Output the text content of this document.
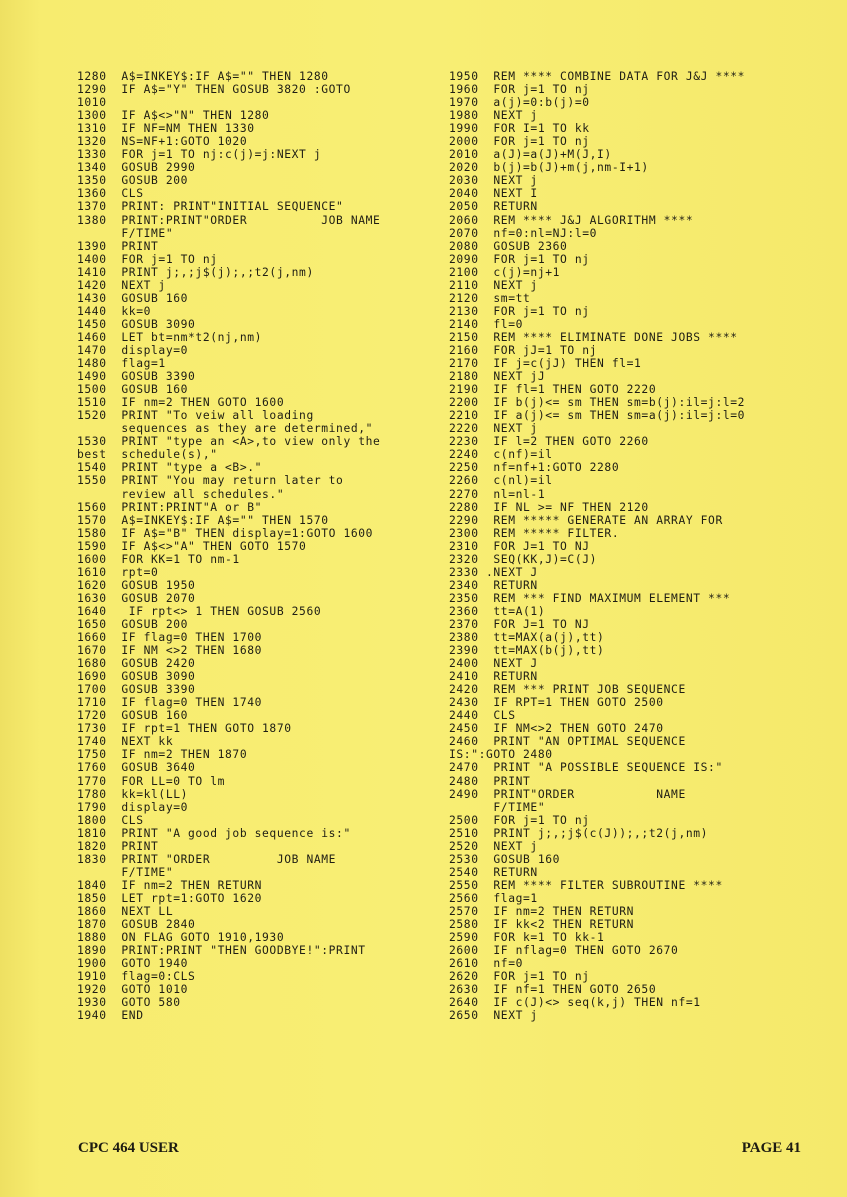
1280  A$=INKEY$:IF A$="" THEN 1280
1290  IF A$="Y" THEN GOSUB 3820 :GOTO
1010
1300  IF A$<>"N" THEN 1280
1310  IF NF=NM THEN 1330
1320  NS=NF+1:GOTO 1020
1330  FOR j=1 TO nj:c(j)=j:NEXT j
1340  GOSUB 2990
1350  GOSUB 200
1360  CLS
1370  PRINT: PRINT"INITIAL SEQUENCE"
1380  PRINT:PRINT"ORDER          JOB NAME
F/TIME"
1390  PRINT
1400  FOR j=1 TO nj
1410  PRINT j;,;j$(j);,;t2(j,nm)
1420  NEXT j
1430  GOSUB 160
1440  kk=0
1450  GOSUB 3090
1460  LET bt=nm*t2(nj,nm)
1470  display=0
1480  flag=1
1490  GOSUB 3390
1500  GOSUB 160
1510  IF nm=2 THEN GOTO 1600
1520  PRINT "To veiw all loading
sequences as they are determined,"
1530  PRINT "type an <A>,to view only the
best  schedule(s),"
1540  PRINT "type a <B>."
1550  PRINT "You may return later to
review all schedules."
1560  PRINT:PRINT"A or B"
1570  A$=INKEY$:IF A$="" THEN 1570
1580  IF A$="B" THEN display=1:GOTO 1600
1590  IF A$<>"A" THEN GOTO 1570
1600  FOR KK=1 TO nm-1
1610  rpt=0
1620  GOSUB 1950
1630  GOSUB 2070
1640   IF rpt<> 1 THEN GOSUB 2560
1650  GOSUB 200
1660  IF flag=0 THEN 1700
1670  IF NM <>2 THEN 1680
1680  GOSUB 2420
1690  GOSUB 3090
1700  GOSUB 3390
1710  IF flag=0 THEN 1740
1720  GOSUB 160
1730  IF rpt=1 THEN GOTO 1870
1740  NEXT kk
1750  IF nm=2 THEN 1870
1760  GOSUB 3640
1770  FOR LL=0 TO lm
1780  kk=kl(LL)
1790  display=0
1800  CLS
1810  PRINT "A good job sequence is:"
1820  PRINT
1830  PRINT "ORDER         JOB NAME
F/TIME"
1840  IF nm=2 THEN RETURN
1850  LET rpt=1:GOTO 1620
1860  NEXT LL
1870  GOSUB 2840
1880  ON FLAG GOTO 1910,1930
1890  PRINT:PRINT "THEN GOODBYE!":PRINT
1900  GOTO 1940
1910  flag=0:CLS
1920  GOTO 1010
1930  GOTO 580
1940  END
1950  REM **** COMBINE DATA FOR J&J ****
1960  FOR j=1 TO nj
1970  a(j)=0:b(j)=0
1980  NEXT j
1990  FOR I=1 TO kk
2000  FOR j=1 TO nj
2010  a(J)=a(J)+M(J,I)
2020  b(j)=b(J)+m(j,nm-I+1)
2030  NEXT j
2040  NEXT I
2050  RETURN
2060  REM **** J&J ALGORITHM ****
2070  nf=0:nl=NJ:l=0
2080  GOSUB 2360
2090  FOR j=1 TO nj
2100  c(j)=nj+1
2110  NEXT j
2120  sm=tt
2130  FOR j=1 TO nj
2140  fl=0
2150  REM **** ELIMINATE DONE JOBS ****
2160  FOR jJ=1 TO nj
2170  IF j=c(jJ) THEN fl=1
2180  NEXT jJ
2190  IF fl=1 THEN GOTO 2220
2200  IF b(j)<= sm THEN sm=b(j):il=j:l=2
2210  IF a(j)<= sm THEN sm=a(j):il=j:l=0
2220  NEXT j
2230  IF l=2 THEN GOTO 2260
2240  c(nf)=il
2250  nf=nf+1:GOTO 2280
2260  c(nl)=il
2270  nl=nl-1
2280  IF NL >= NF THEN 2120
2290  REM ***** GENERATE AN ARRAY FOR
2300  REM ***** FILTER.
2310  FOR J=1 TO NJ
2320  SEQ(KK,J)=C(J)
2330 .NEXT J
2340  RETURN
2350  REM *** FIND MAXIMUM ELEMENT ***
2360  tt=A(1)
2370  FOR J=1 TO NJ
2380  tt=MAX(a(j),tt)
2390  tt=MAX(b(j),tt)
2400  NEXT J
2410  RETURN
2420  REM *** PRINT JOB SEQUENCE
2430  IF RPT=1 THEN GOTO 2500
2440  CLS
2450  IF NM<>2 THEN GOTO 2470
2460  PRINT "AN OPTIMAL SEQUENCE
IS:":GOTO 2480
2470  PRINT "A POSSIBLE SEQUENCE IS:"
2480  PRINT
2490  PRINT"ORDER           NAME
F/TIME"
2500  FOR j=1 TO nj
2510  PRINT j;,;j$(c(J));,;t2(j,nm)
2520  NEXT j
2530  GOSUB 160
2540  RETURN
2550  REM **** FILTER SUBROUTINE ****
2560  flag=1
2570  IF nm=2 THEN RETURN
2580  IF kk<2 THEN RETURN
2590  FOR k=1 TO kk-1
2600  IF nflag=0 THEN GOTO 2670
2610  nf=0
2620  FOR j=1 TO nj
2630  IF nf=1 THEN GOTO 2650
2640  IF c(J)<> seq(k,j) THEN nf=1
2650  NEXT j
CPC 464 USER	PAGE 41
